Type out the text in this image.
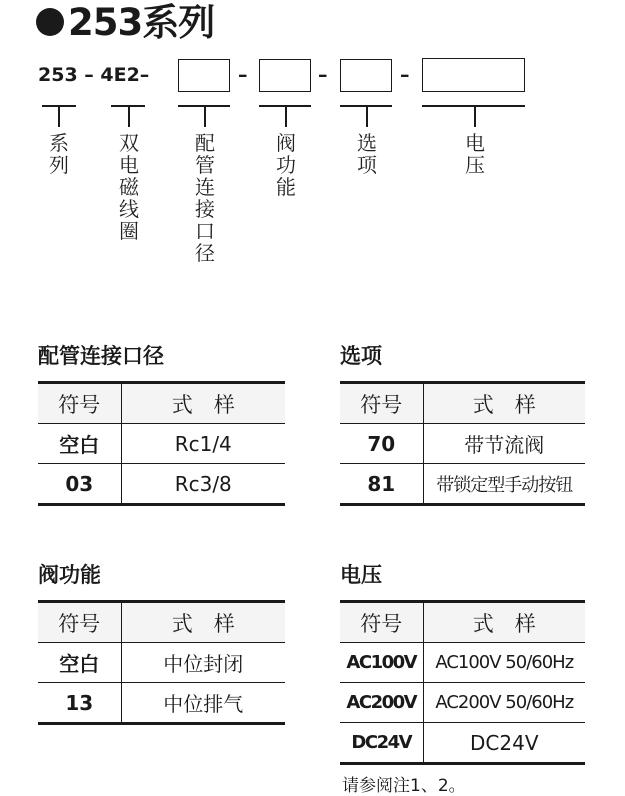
253系列
253 – 4E2–	–	–	–
系列
双电磁线圈
配管连接口径
阀功能
选项
电压
配管连接口径
符号	式　样
空白	Rc1/4
03	Rc3/8
选项
符号	式　样
70	带节流阀
81	带锁定型手动按钮
阀功能
符号	式　样
空白	中位封闭
13	中位排气
电压
符号	式　样
AC100V	AC100V 50/60Hz
AC200V	AC200V 50/60Hz
DC24V	DC24V
请参阅注1、2。
